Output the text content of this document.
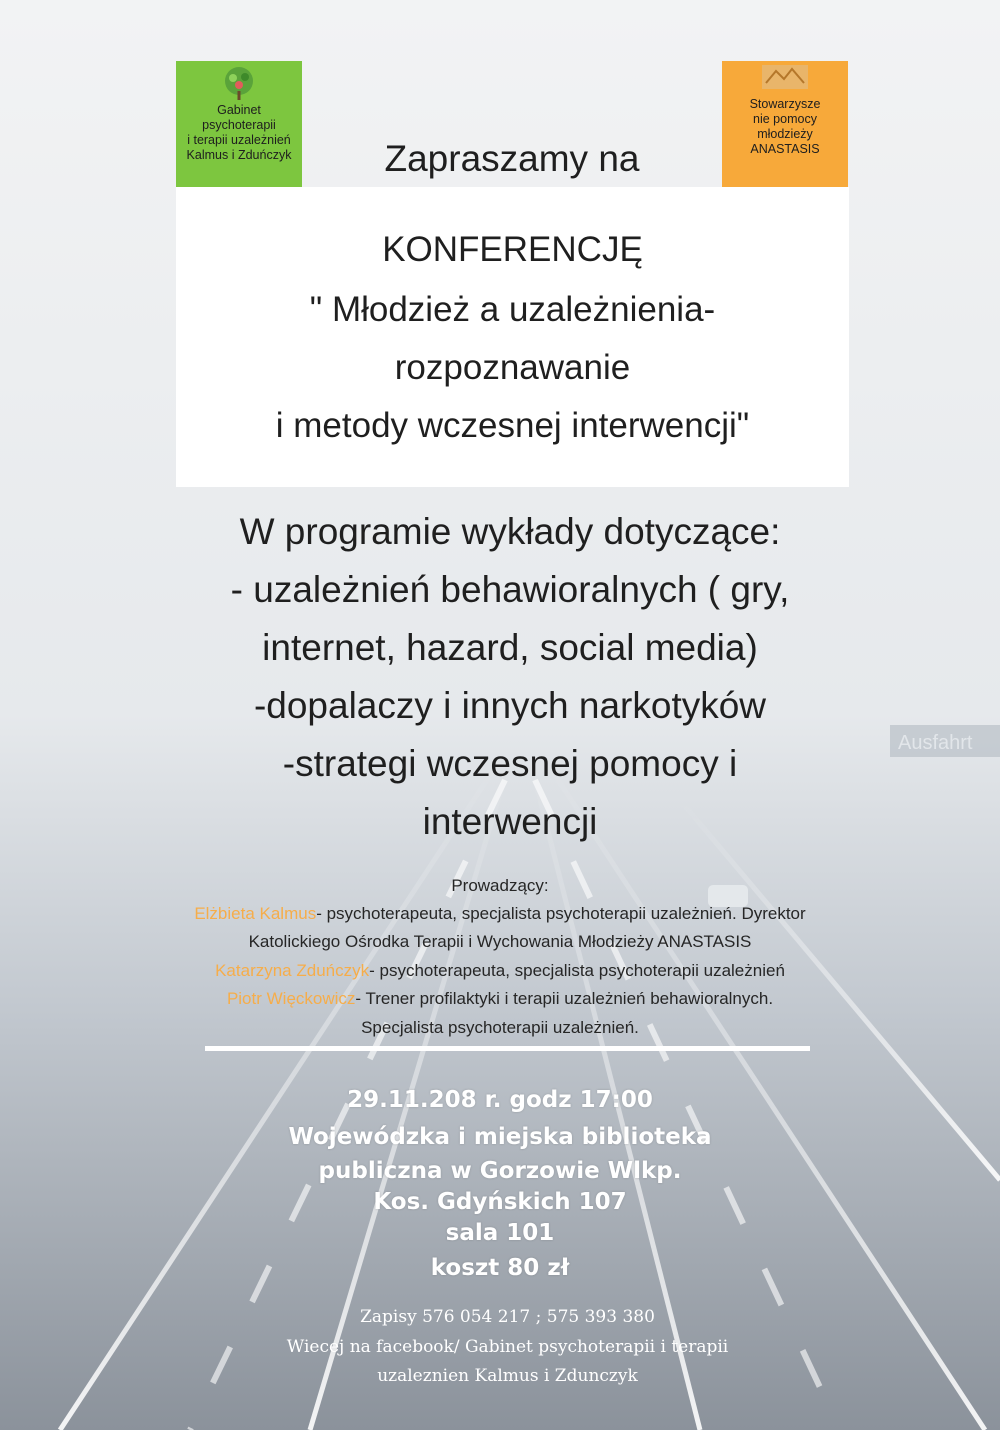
Ausfahrt
Gabinet
psychoterapii
i terapii uzależnień
Kalmus i Zduńczyk
Stowarzysze
nie pomocy
młodzieży
ANASTASIS
Zapraszamy na
KONFERENCJĘ
" Młodzież a uzależnienia-
rozpoznawanie
i metody wczesnej interwencji"
W programie wykłady dotyczące:
- uzależnień behawioralnych ( gry,
internet, hazard, social media)
-dopalaczy i innych narkotyków
-strategi wczesnej pomocy i
interwencji
Prowadzący:
Elżbieta Kalmus- psychoterapeuta, specjalista psychoterapii uzależnień. Dyrektor
Katolickiego Ośrodka Terapii i Wychowania Młodzieży ANASTASIS
Katarzyna Zduńczyk- psychoterapeuta, specjalista psychoterapii uzależnień
Piotr Więckowicz- Trener profilaktyki i terapii uzależnień behawioralnych.
Specjalista psychoterapii uzależnień.
29.11.208 r. godz 17:00
Wojewódzka i miejska biblioteka
publiczna w Gorzowie Wlkp.
Kos. Gdyńskich 107
sala 101
koszt 80 zł
Zapisy 576 054 217 ; 575 393 380
Wiecej na facebook/ Gabinet psychoterapii i terapii
uzaleznien Kalmus i Zdunczyk
